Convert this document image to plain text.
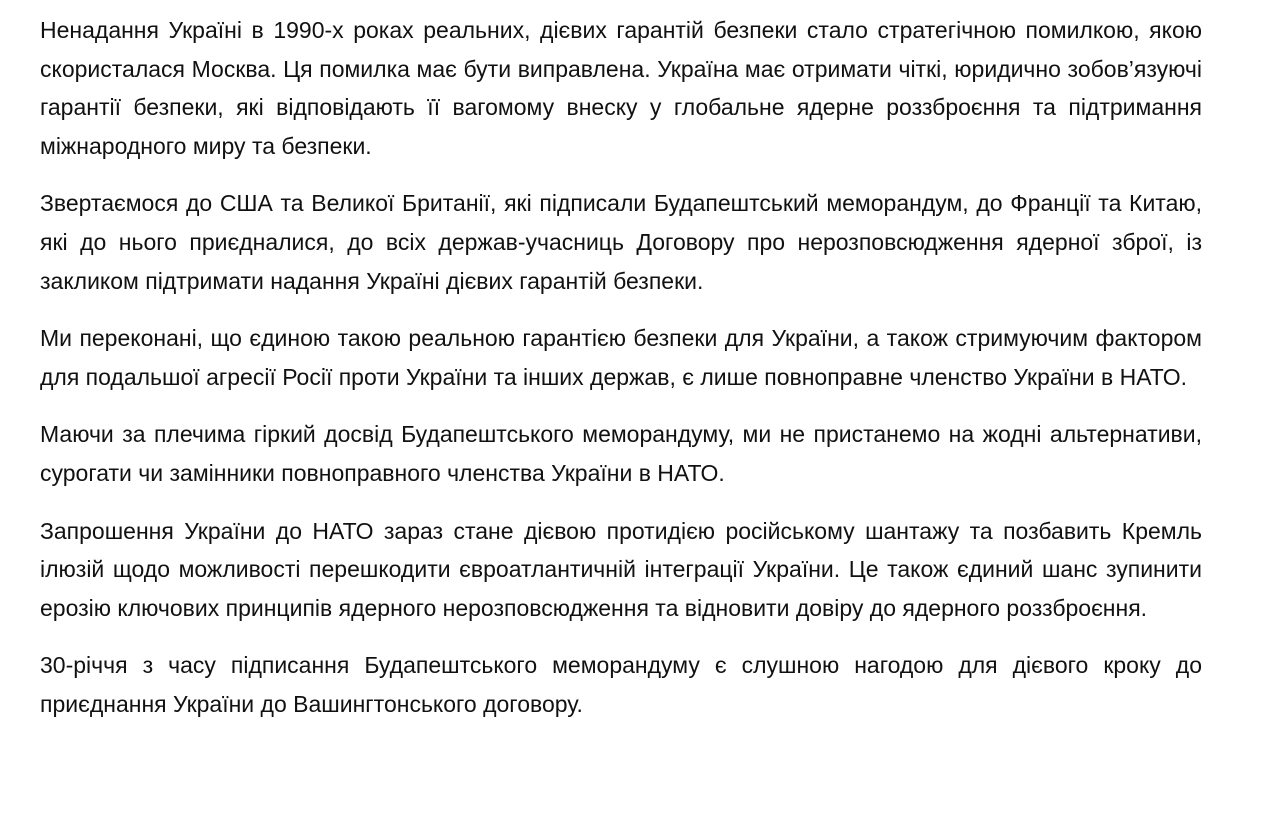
Ненадання Україні в 1990-х роках реальних, дієвих гарантій безпеки стало стратегічною помилкою, якою скористалася Москва. Ця помилка має бути виправлена. Україна має отримати чіткі, юридично зобов’язуючі гарантії безпеки, які відповідають її вагомому внеску у глобальне ядерне роззброєння та підтримання міжнародного миру та безпеки.

Звертаємося до США та Великої Британії, які підписали Будапештський меморандум, до Франції та Китаю, які до нього приєдналися, до всіх держав-учасниць Договору про нерозповсюдження ядерної зброї, із закликом підтримати надання Україні дієвих гарантій безпеки.

Ми переконані, що єдиною такою реальною гарантією безпеки для України, а також стримуючим фактором для подальшої агресії Росії проти України та інших держав, є лише повноправне членство України в НАТО.

Маючи за плечима гіркий досвід Будапештського меморандуму, ми не пристанемо на жодні альтернативи, сурогати чи замінники повноправного членства України в НАТО.

Запрошення України до НАТО зараз стане дієвою протидією російському шантажу та позбавить Кремль ілюзій щодо можливості перешкодити євроатлантичній інтеграції України. Це також єдиний шанс зупинити ерозію ключових принципів ядерного нерозповсюдження та відновити довіру до ядерного роззброєння.

30-річчя з часу підписання Будапештського меморандуму є слушною нагодою для дієвого кроку до приєднання України до Вашингтонського договору.
